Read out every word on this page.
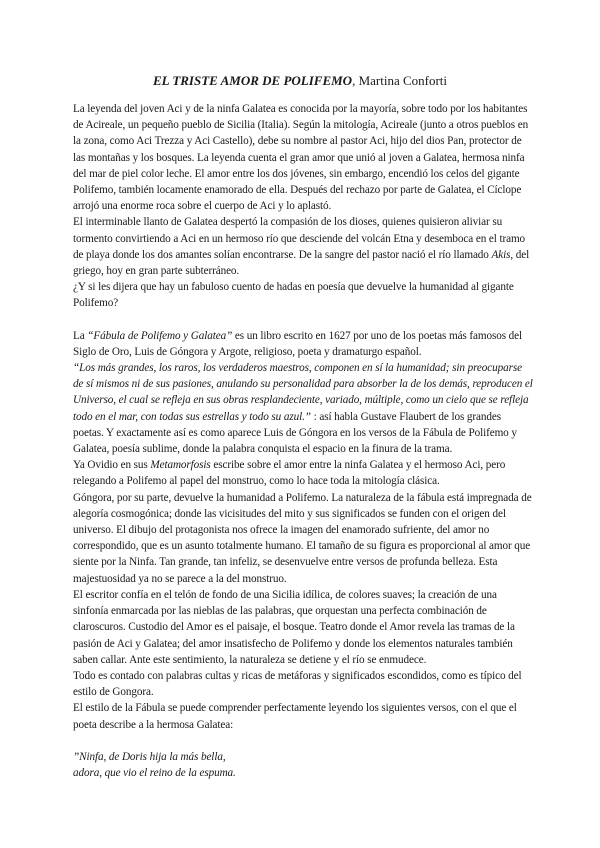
EL TRISTE AMOR DE POLIFEMO, Martina Conforti

La leyenda del joven Aci y de la ninfa Galatea es conocida por la mayoría, sobre todo por los habitantes de Acireale, un pequeño pueblo de Sicilia (Italia). Según la mitología, Acireale (junto a otros pueblos en la zona, como Aci Trezza y Aci Castello), debe su nombre al pastor Aci, hijo del dios Pan, protector de las montañas y los bosques. La leyenda cuenta el gran amor que unió al joven a Galatea, hermosa ninfa del mar de piel color leche. El amor entre los dos jóvenes, sin embargo, encendió los celos del gigante Polifemo, también locamente enamorado de ella. Después del rechazo por parte de Galatea, el Cíclope arrojó una enorme roca sobre el cuerpo de Aci y lo aplastó.

El interminable llanto de Galatea despertó la compasión de los dioses, quienes quisieron aliviar su tormento convirtiendo a Aci en un hermoso río que desciende del volcán Etna y desemboca en el tramo de playa donde los dos amantes solían encontrarse. De la sangre del pastor nació el río llamado Akis, del griego, hoy en gran parte subterráneo.

¿Y si les dijera que hay un fabuloso cuento de hadas en poesía que devuelve la humanidad al gigante Polifemo?

La “Fábula de Polifemo y Galatea” es un libro escrito en 1627 por uno de los poetas más famosos del Siglo de Oro, Luis de Góngora y Argote, religioso, poeta y dramaturgo español.
“Los más grandes, los raros, los verdaderos maestros, componen en sí la humanidad; sin preocuparse de sí mismos ni de sus pasiones, anulando su personalidad para absorber la de los demás, reproducen el Universo, el cual se refleja en sus obras resplandeciente, variado, múltiple, como un cielo que se refleja todo en el mar, con todas sus estrellas y todo su azul.” : así habla Gustave Flaubert de los grandes poetas. Y exactamente así es como aparece Luis de Góngora en los versos de la Fábula de Polifemo y Galatea, poesía sublime, donde la palabra conquista el espacio en la finura de la trama.

Ya Ovidio en sus Metamorfosis escribe sobre el amor entre la ninfa Galatea y el hermoso Aci, pero relegando a Polifemo al papel del monstruo, como lo hace toda la mitología clásica.

Góngora, por su parte, devuelve la humanidad a Polifemo. La naturaleza de la fábula está impregnada de alegoría cosmogónica; donde las vicisitudes del mito y sus significados se funden con el origen del universo. El dibujo del protagonista nos ofrece la imagen del enamorado sufriente, del amor no correspondido, que es un asunto totalmente humano. El tamaño de su figura es proporcional al amor que siente por la Ninfa. Tan grande, tan infeliz, se desenvuelve entre versos de profunda belleza. Esta majestuosidad ya no se parece a la del monstruo.

El escritor confía en el telón de fondo de una Sicilia idílica, de colores suaves; la creación de una sinfonía enmarcada por las nieblas de las palabras, que orquestan una perfecta combinación de claroscuros. Custodio del Amor es el paisaje, el bosque. Teatro donde el Amor revela las tramas de la pasión de Aci y Galatea; del amor insatisfecho de Polifemo y donde los elementos naturales también saben callar. Ante este sentimiento, la naturaleza se detiene y el río se enmudece.

Todo es contado con palabras cultas y ricas de metáforas y significados escondidos, como es típico del estilo de Gongora.

El estilo de la Fábula se puede comprender perfectamente leyendo los siguientes versos, con el que el poeta describe a la hermosa Galatea:

”Ninfa, de Doris hija la más bella,

adora, que vio el reino de la espuma.
